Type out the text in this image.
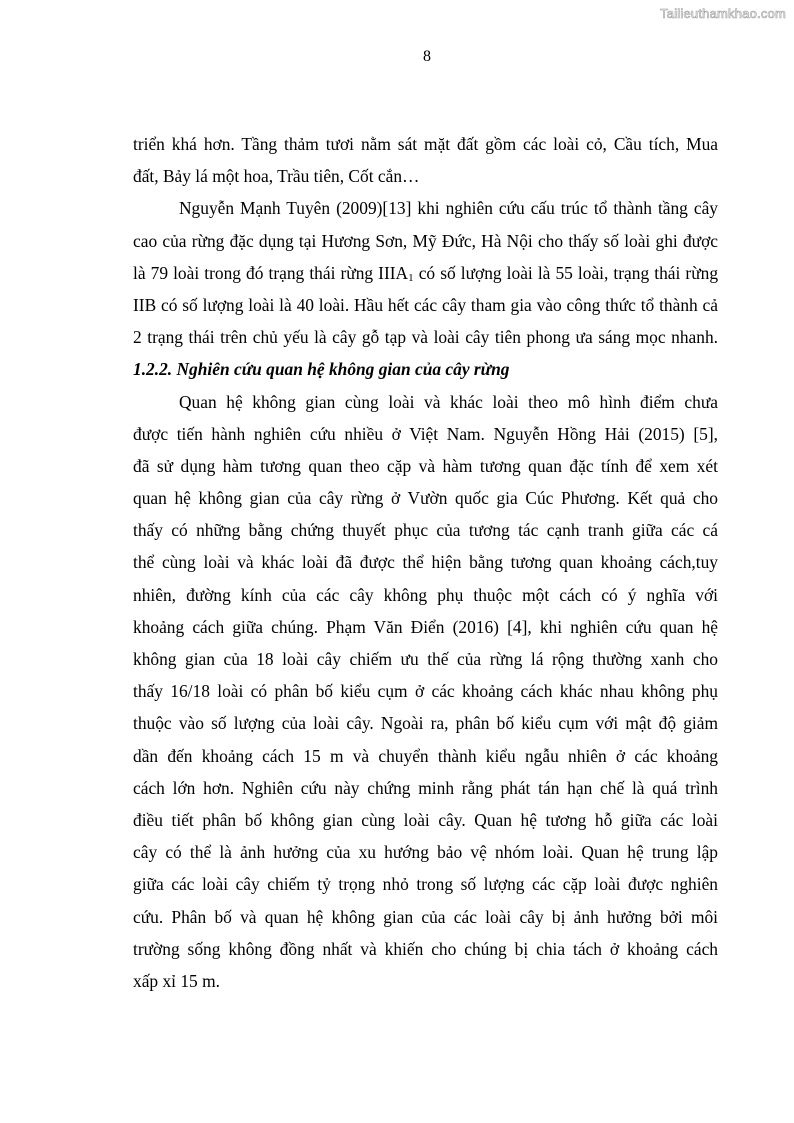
Tailieuthamkhao.com
8
triển khá hơn. Tầng thảm tươi nằm sát mặt đất gồm các loài cỏ, Cầu tích, Mua
đất, Bảy lá một hoa, Trầu tiên, Cốt cắn…
Nguyễn Mạnh Tuyên (2009)[13] khi nghiên cứu cấu trúc tổ thành tầng cây
cao của rừng đặc dụng tại Hương Sơn, Mỹ Đức, Hà Nội cho thấy số loài ghi được
là 79 loài trong đó trạng thái rừng $IIIA_1$ có số lượng loài là 55 loài, trạng thái rừng
IIB có số lượng loài là 40 loài. Hầu hết các cây tham gia vào công thức tổ thành cả
2 trạng thái trên chủ yếu là cây gỗ tạp và loài cây tiên phong ưa sáng mọc nhanh.
1.2.2. Nghiên cứu quan hệ không gian của cây rừng
Quan hệ không gian cùng loài và khác loài theo mô hình điểm chưa
được tiến hành nghiên cứu nhiều ở Việt Nam. Nguyễn Hồng Hải (2015) [5],
đã sử dụng hàm tương quan theo cặp và hàm tương quan đặc tính để xem xét
quan hệ không gian của cây rừng ở Vườn quốc gia Cúc Phương. Kết quả cho
thấy có những bằng chứng thuyết phục của tương tác cạnh tranh giữa các cá
thể cùng loài và khác loài đã được thể hiện bằng tương quan khoảng cách,tuy
nhiên, đường kính của các cây không phụ thuộc một cách có ý nghĩa với
khoảng cách giữa chúng. Phạm Văn Điển (2016) [4], khi nghiên cứu quan hệ
không gian của 18 loài cây chiếm ưu thế của rừng lá rộng thường xanh cho
thấy 16/18 loài có phân bố kiểu cụm ở các khoảng cách khác nhau không phụ
thuộc vào số lượng của loài cây. Ngoài ra, phân bố kiểu cụm với mật độ giảm
dần đến khoảng cách 15 m và chuyển thành kiểu ngẫu nhiên ở các khoảng
cách lớn hơn. Nghiên cứu này chứng minh rằng phát tán hạn chế là quá trình
điều tiết phân bố không gian cùng loài cây. Quan hệ tương hỗ giữa các loài
cây có thể là ảnh hưởng của xu hướng bảo vệ nhóm loài. Quan hệ trung lập
giữa các loài cây chiếm tỷ trọng nhỏ trong số lượng các cặp loài được nghiên
cứu. Phân bố và quan hệ không gian của các loài cây bị ảnh hưởng bởi môi
trường sống không đồng nhất và khiến cho chúng bị chia tách ở khoảng cách
xấp xỉ 15 m.
